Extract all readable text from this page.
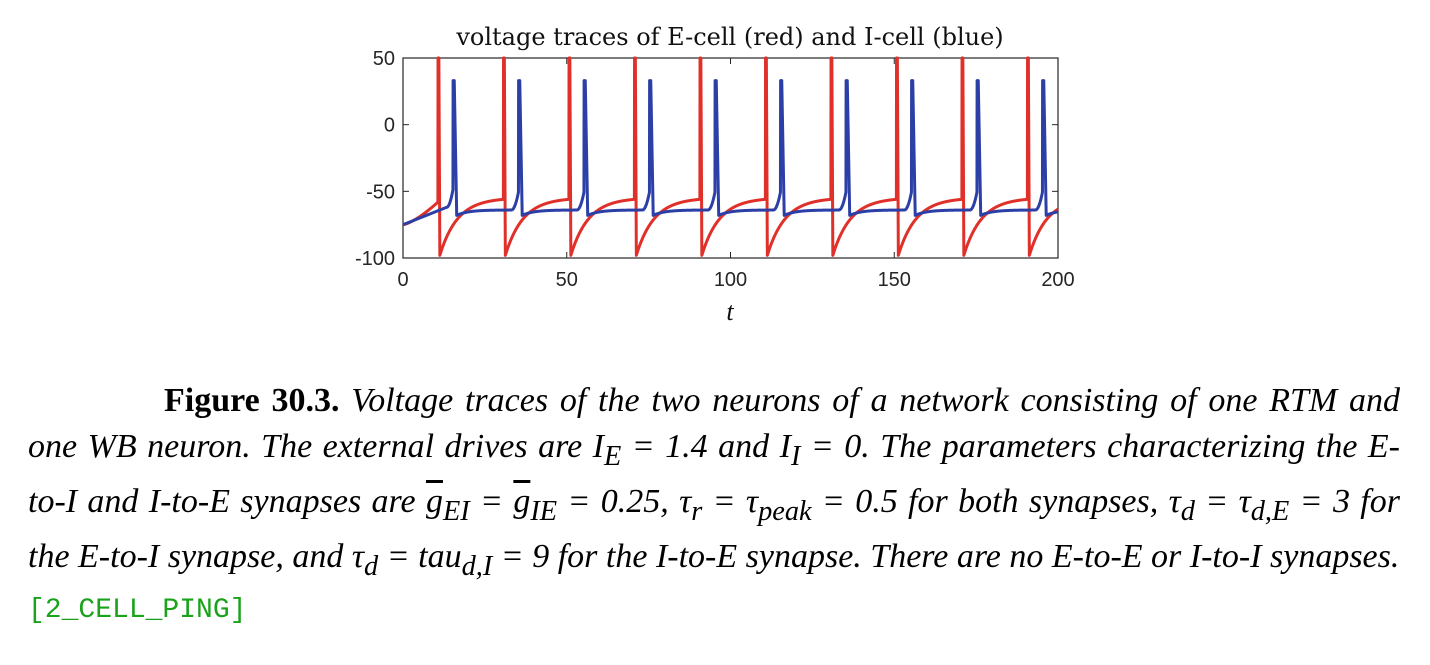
voltage traces of E-cell (red) and I-cell (blue)
0	50	100	150	200
50
0
-50
-100
t
Figure 30.3. Voltage traces of the two neurons of a network consisting of one RTM and one WB neuron. The external drives are $I_E = 1.4$ and $I_I = 0$. The parameters characterizing the E-to-I and I-to-E synapses are $\overline{g}_{EI} = \overline{g}_{IE} = 0.25$, $\tau_r = \tau_{peak} = 0.5$ for both synapses, $\tau_d = \tau_{d,E} = 3$ for the E-to-I synapse, and $\tau_d = tau_{d,I} = 9$ for the I-to-E synapse. There are no E-to-E or I-to-I synapses.
[2_CELL_PING]
